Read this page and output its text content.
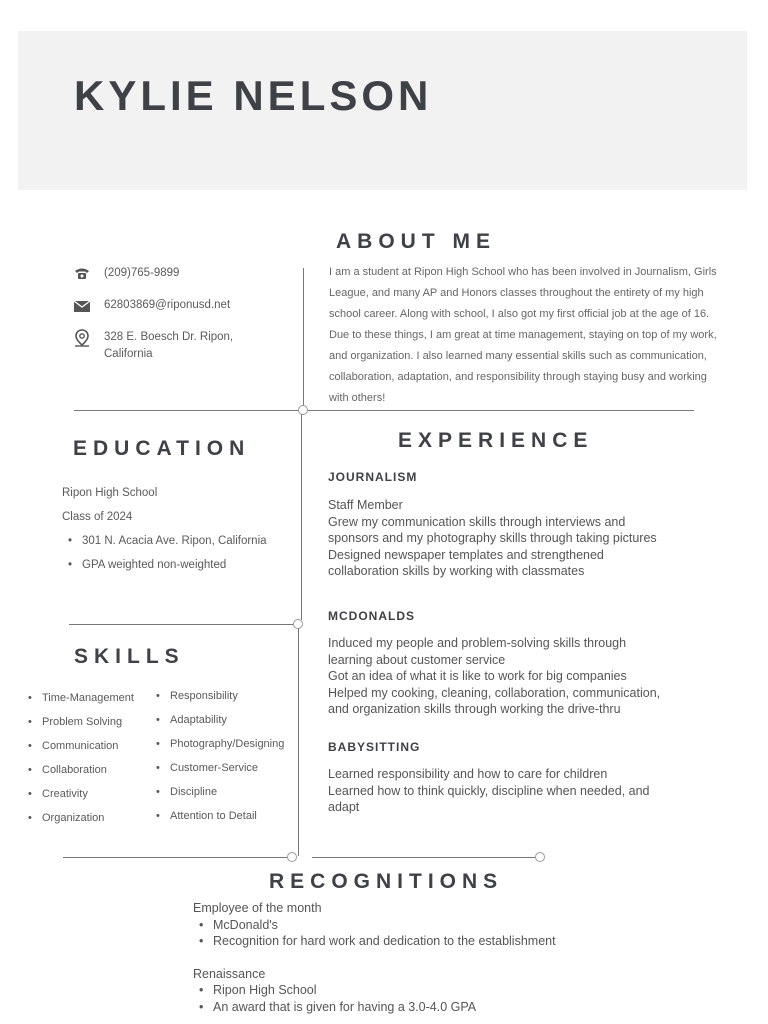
KYLIE NELSON
(209)765-9899
62803869@riponusd.net
328 E. Boesch Dr. Ripon,
California
ABOUT ME
I am a student at Ripon High School who has been involved in Journalism, Girls
League, and many AP and Honors classes throughout the entirety of my high
school career. Along with school, I also got my first official job at the age of 16.
Due to these things, I am great at time management, staying on top of my work,
and organization. I also learned many essential skills such as communication,
collaboration, adaptation, and responsibility through staying busy and working
with others!
EDUCATION
Ripon High School
Class of 2024
• 301 N. Acacia Ave. Ripon, California
• GPA weighted non-weighted
SKILLS
• Time-Management
• Problem Solving
• Communication
• Collaboration
• Creativity
• Organization
• Responsibility
• Adaptability
• Photography/Designing
• Customer-Service
• Discipline
• Attention to Detail
EXPERIENCE
JOURNALISM
Staff Member
Grew my communication skills through interviews and
sponsors and my photography skills through taking pictures
Designed newspaper templates and strengthened
collaboration skills by working with classmates
MCDONALDS
Induced my people and problem-solving skills through
learning about customer service
Got an idea of what it is like to work for big companies
Helped my cooking, cleaning, collaboration, communication,
and organization skills through working the drive-thru
BABYSITTING
Learned responsibility and how to care for children
Learned how to think quickly, discipline when needed, and
adapt
RECOGNITIONS
Employee of the month
• McDonald's
• Recognition for hard work and dedication to the establishment
Renaissance
• Ripon High School
• An award that is given for having a 3.0-4.0 GPA
